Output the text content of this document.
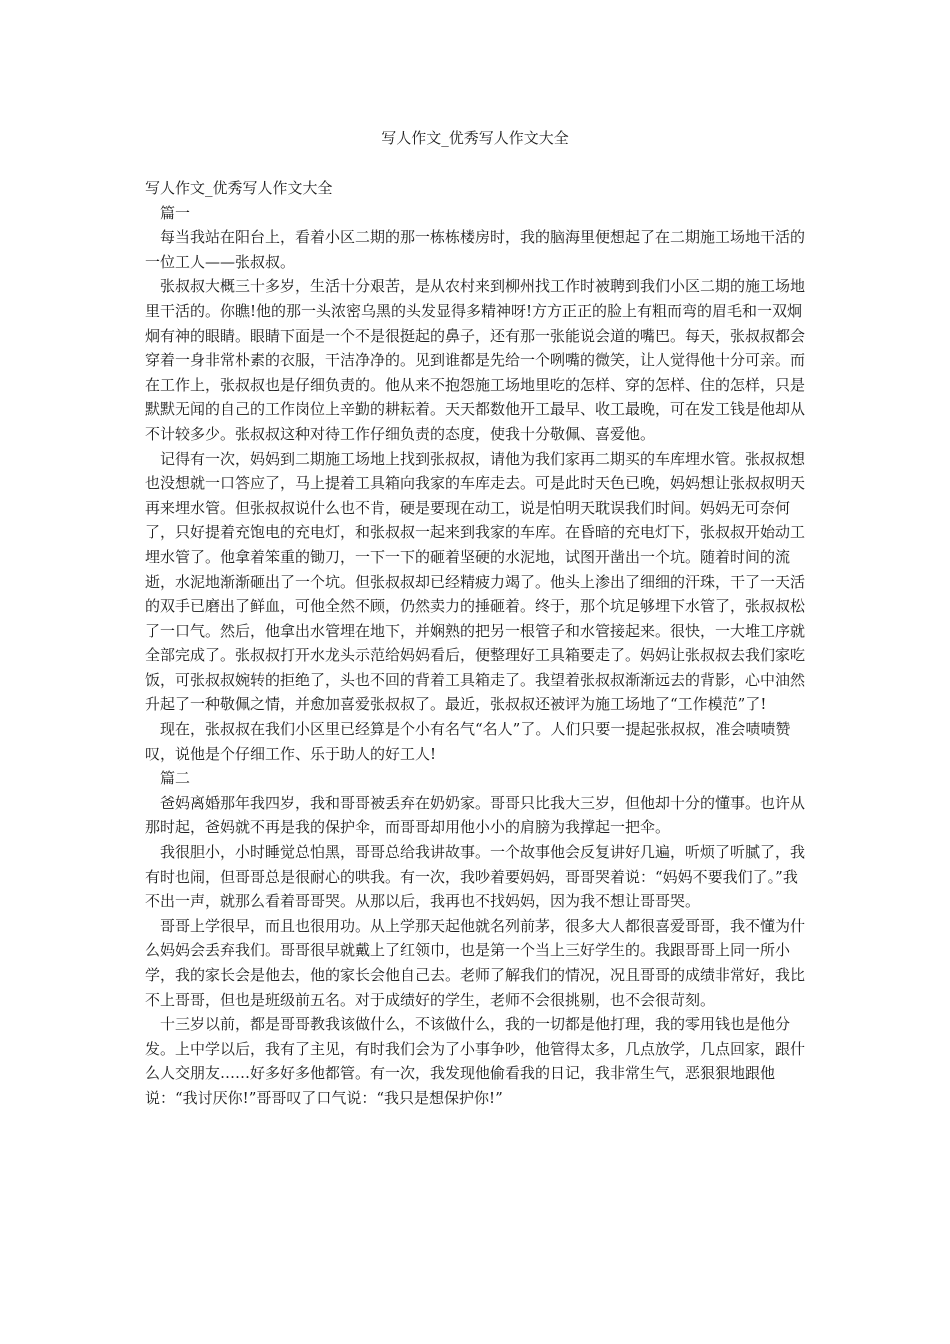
写人作文_优秀写人作文大全

写人作文_优秀写人作文大全

篇一

每当我站在阳台上，看着小区二期的那一栋栋楼房时，我的脑海里便想起了在二期施工场地干活的一位工人——张叔叔。

张叔叔大概三十多岁，生活十分艰苦，是从农村来到柳州找工作时被聘到我们小区二期的施工场地里干活的。你瞧!他的那一头浓密乌黑的头发显得多精神呀!方方正正的脸上有粗而弯的眉毛和一双炯炯有神的眼睛。眼睛下面是一个不是很挺起的鼻子，还有那一张能说会道的嘴巴。每天，张叔叔都会穿着一身非常朴素的衣服，干洁净净的。见到谁都是先给一个咧嘴的微笑，让人觉得他十分可亲。而在工作上，张叔叔也是仔细负责的。他从来不抱怨施工场地里吃的怎样、穿的怎样、住的怎样，只是默默无闻的自己的工作岗位上辛勤的耕耘着。天天都数他开工最早、收工最晚，可在发工钱是他却从不计较多少。张叔叔这种对待工作仔细负责的态度，使我十分敬佩、喜爱他。

记得有一次，妈妈到二期施工场地上找到张叔叔，请他为我们家再二期买的车库埋水管。张叔叔想也没想就一口答应了，马上提着工具箱向我家的车库走去。可是此时天色已晚，妈妈想让张叔叔明天再来埋水管。但张叔叔说什么也不肯，硬是要现在动工，说是怕明天耽误我们时间。妈妈无可奈何了，只好提着充饱电的充电灯，和张叔叔一起来到我家的车库。在昏暗的充电灯下，张叔叔开始动工埋水管了。他拿着笨重的锄刀，一下一下的砸着坚硬的水泥地，试图开凿出一个坑。随着时间的流逝，水泥地渐渐砸出了一个坑。但张叔叔却已经精疲力竭了。他头上渗出了细细的汗珠，干了一天活的双手已磨出了鲜血，可他全然不顾，仍然卖力的捶砸着。终于，那个坑足够埋下水管了，张叔叔松了一口气。然后，他拿出水管埋在地下，并娴熟的把另一根管子和水管接起来。很快，一大堆工序就全部完成了。张叔叔打开水龙头示范给妈妈看后，便整理好工具箱要走了。妈妈让张叔叔去我们家吃饭，可张叔叔婉转的拒绝了，头也不回的背着工具箱走了。我望着张叔叔渐渐远去的背影，心中油然升起了一种敬佩之情，并愈加喜爱张叔叔了。最近，张叔叔还被评为施工场地了“工作模范”了!

现在，张叔叔在我们小区里已经算是个小有名气“名人”了。人们只要一提起张叔叔，准会啧啧赞叹，说他是个仔细工作、乐于助人的好工人!

篇二

爸妈离婚那年我四岁，我和哥哥被丢弃在奶奶家。哥哥只比我大三岁，但他却十分的懂事。也许从那时起，爸妈就不再是我的保护伞，而哥哥却用他小小的肩膀为我撑起一把伞。

我很胆小，小时睡觉总怕黑，哥哥总给我讲故事。一个故事他会反复讲好几遍，听烦了听腻了，我有时也闹，但哥哥总是很耐心的哄我。有一次，我吵着要妈妈，哥哥哭着说：“妈妈不要我们了。”我不出一声，就那么看着哥哥哭。从那以后，我再也不找妈妈，因为我不想让哥哥哭。

哥哥上学很早，而且也很用功。从上学那天起他就名列前茅，很多大人都很喜爱哥哥，我不懂为什么妈妈会丢弃我们。哥哥很早就戴上了红领巾，也是第一个当上三好学生的。我跟哥哥上同一所小学，我的家长会是他去，他的家长会他自己去。老师了解我们的情况，况且哥哥的成绩非常好，我比不上哥哥，但也是班级前五名。对于成绩好的学生，老师不会很挑剔，也不会很苛刻。

十三岁以前，都是哥哥教我该做什么，不该做什么，我的一切都是他打理，我的零用钱也是他分发。上中学以后，我有了主见，有时我们会为了小事争吵，他管得太多，几点放学，几点回家，跟什么人交朋友……好多好多他都管。有一次，我发现他偷看我的日记，我非常生气，恶狠狠地跟他说：“我讨厌你!”哥哥叹了口气说：“我只是想保护你!”
